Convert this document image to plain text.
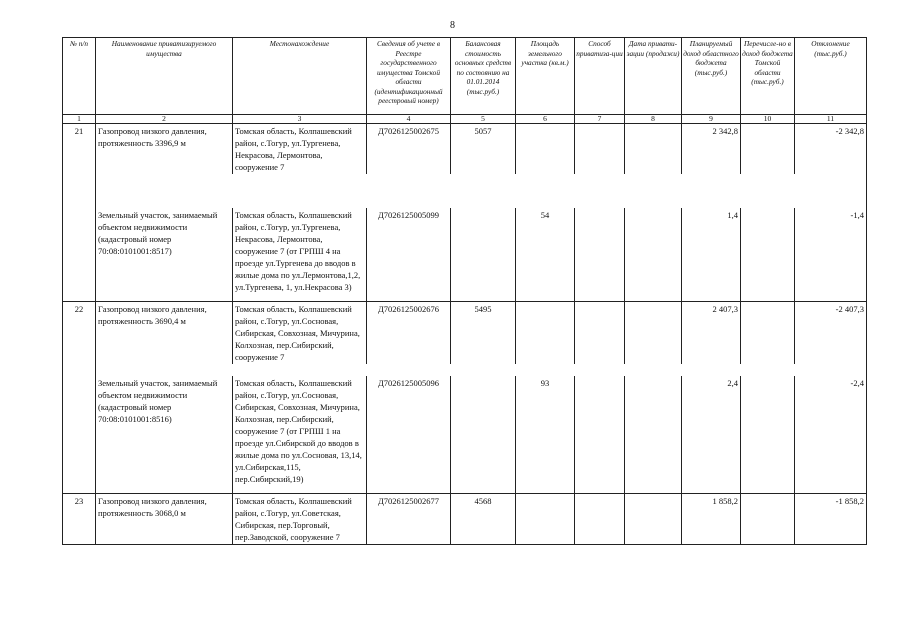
8
№ п/п	Наименование приватизируемого имущества	Местонахождение	Сведения об учете в Реестре государственного имущества Томской области (идентификационный реестровый номер)	Балансовая стоимость основных средств по состоянию на 01.01.2014 (тыс.руб.)	Площадь земельного участка (кв.м.)	Способ приватиза-ции	Дата привати-зации (продажи)	Планируемый доход областного бюджета (тыс.руб.)	Перечисле-но в доход бюджета Томской области (тыс.руб.)	Отклонение (тыс.руб.)
1	2	3	4	5	6	7	8	9	10	11
21	Газопровод низкого давления, протяженность 3396,9 м	Томская область, Колпашевский район, с.Тогур, ул.Тургенева, Некрасова, Лермонтова, сооружение 7	Д7026125002675	5057				2 342,8		-2 342,8

	Земельный участок, занимаемый объектом недвижимости (кадастровый номер 70:08:0101001:8517)	Томская область, Колпашевский район, с.Тогур, ул.Тургенева, Некрасова, Лермонтова, сооружение 7 (от ГРПШ 4 на проезде ул.Тургенева до вводов в жилые дома по ул.Лермонтова,1,2, ул.Тургенева, 1, ул.Некрасова 3)	Д7026125005099		54			1,4		-1,4
22	Газопровод низкого давления, протяженность 3690,4 м	Томская область, Колпашевский район, с.Тогур, ул.Сосновая, Сибирская, Совхозная, Мичурина, Колхозная, пер.Сибирский, сооружение 7	Д7026125002676	5495				2 407,3		-2 407,3

	Земельный участок, занимаемый объектом недвижимости (кадастровый номер 70:08:0101001:8516)	Томская область, Колпашевский район, с.Тогур, ул.Сосновая, Сибирская, Совхозная, Мичурина, Колхозная, пер.Сибирский, сооружение 7 (от ГРПШ 1 на проезде ул.Сибирской до вводов в жилые дома по ул.Сосновая, 13,14, ул.Сибирская,115, пер.Сибирский,19)	Д7026125005096		93			2,4		-2,4
23	Газопровод низкого давления, протяженность 3068,0 м	Томская область, Колпашевский район, с.Тогур, ул.Советская, Сибирская, пер.Торговый, пер.Заводской, сооружение 7	Д7026125002677	4568				1 858,2		-1 858,2
